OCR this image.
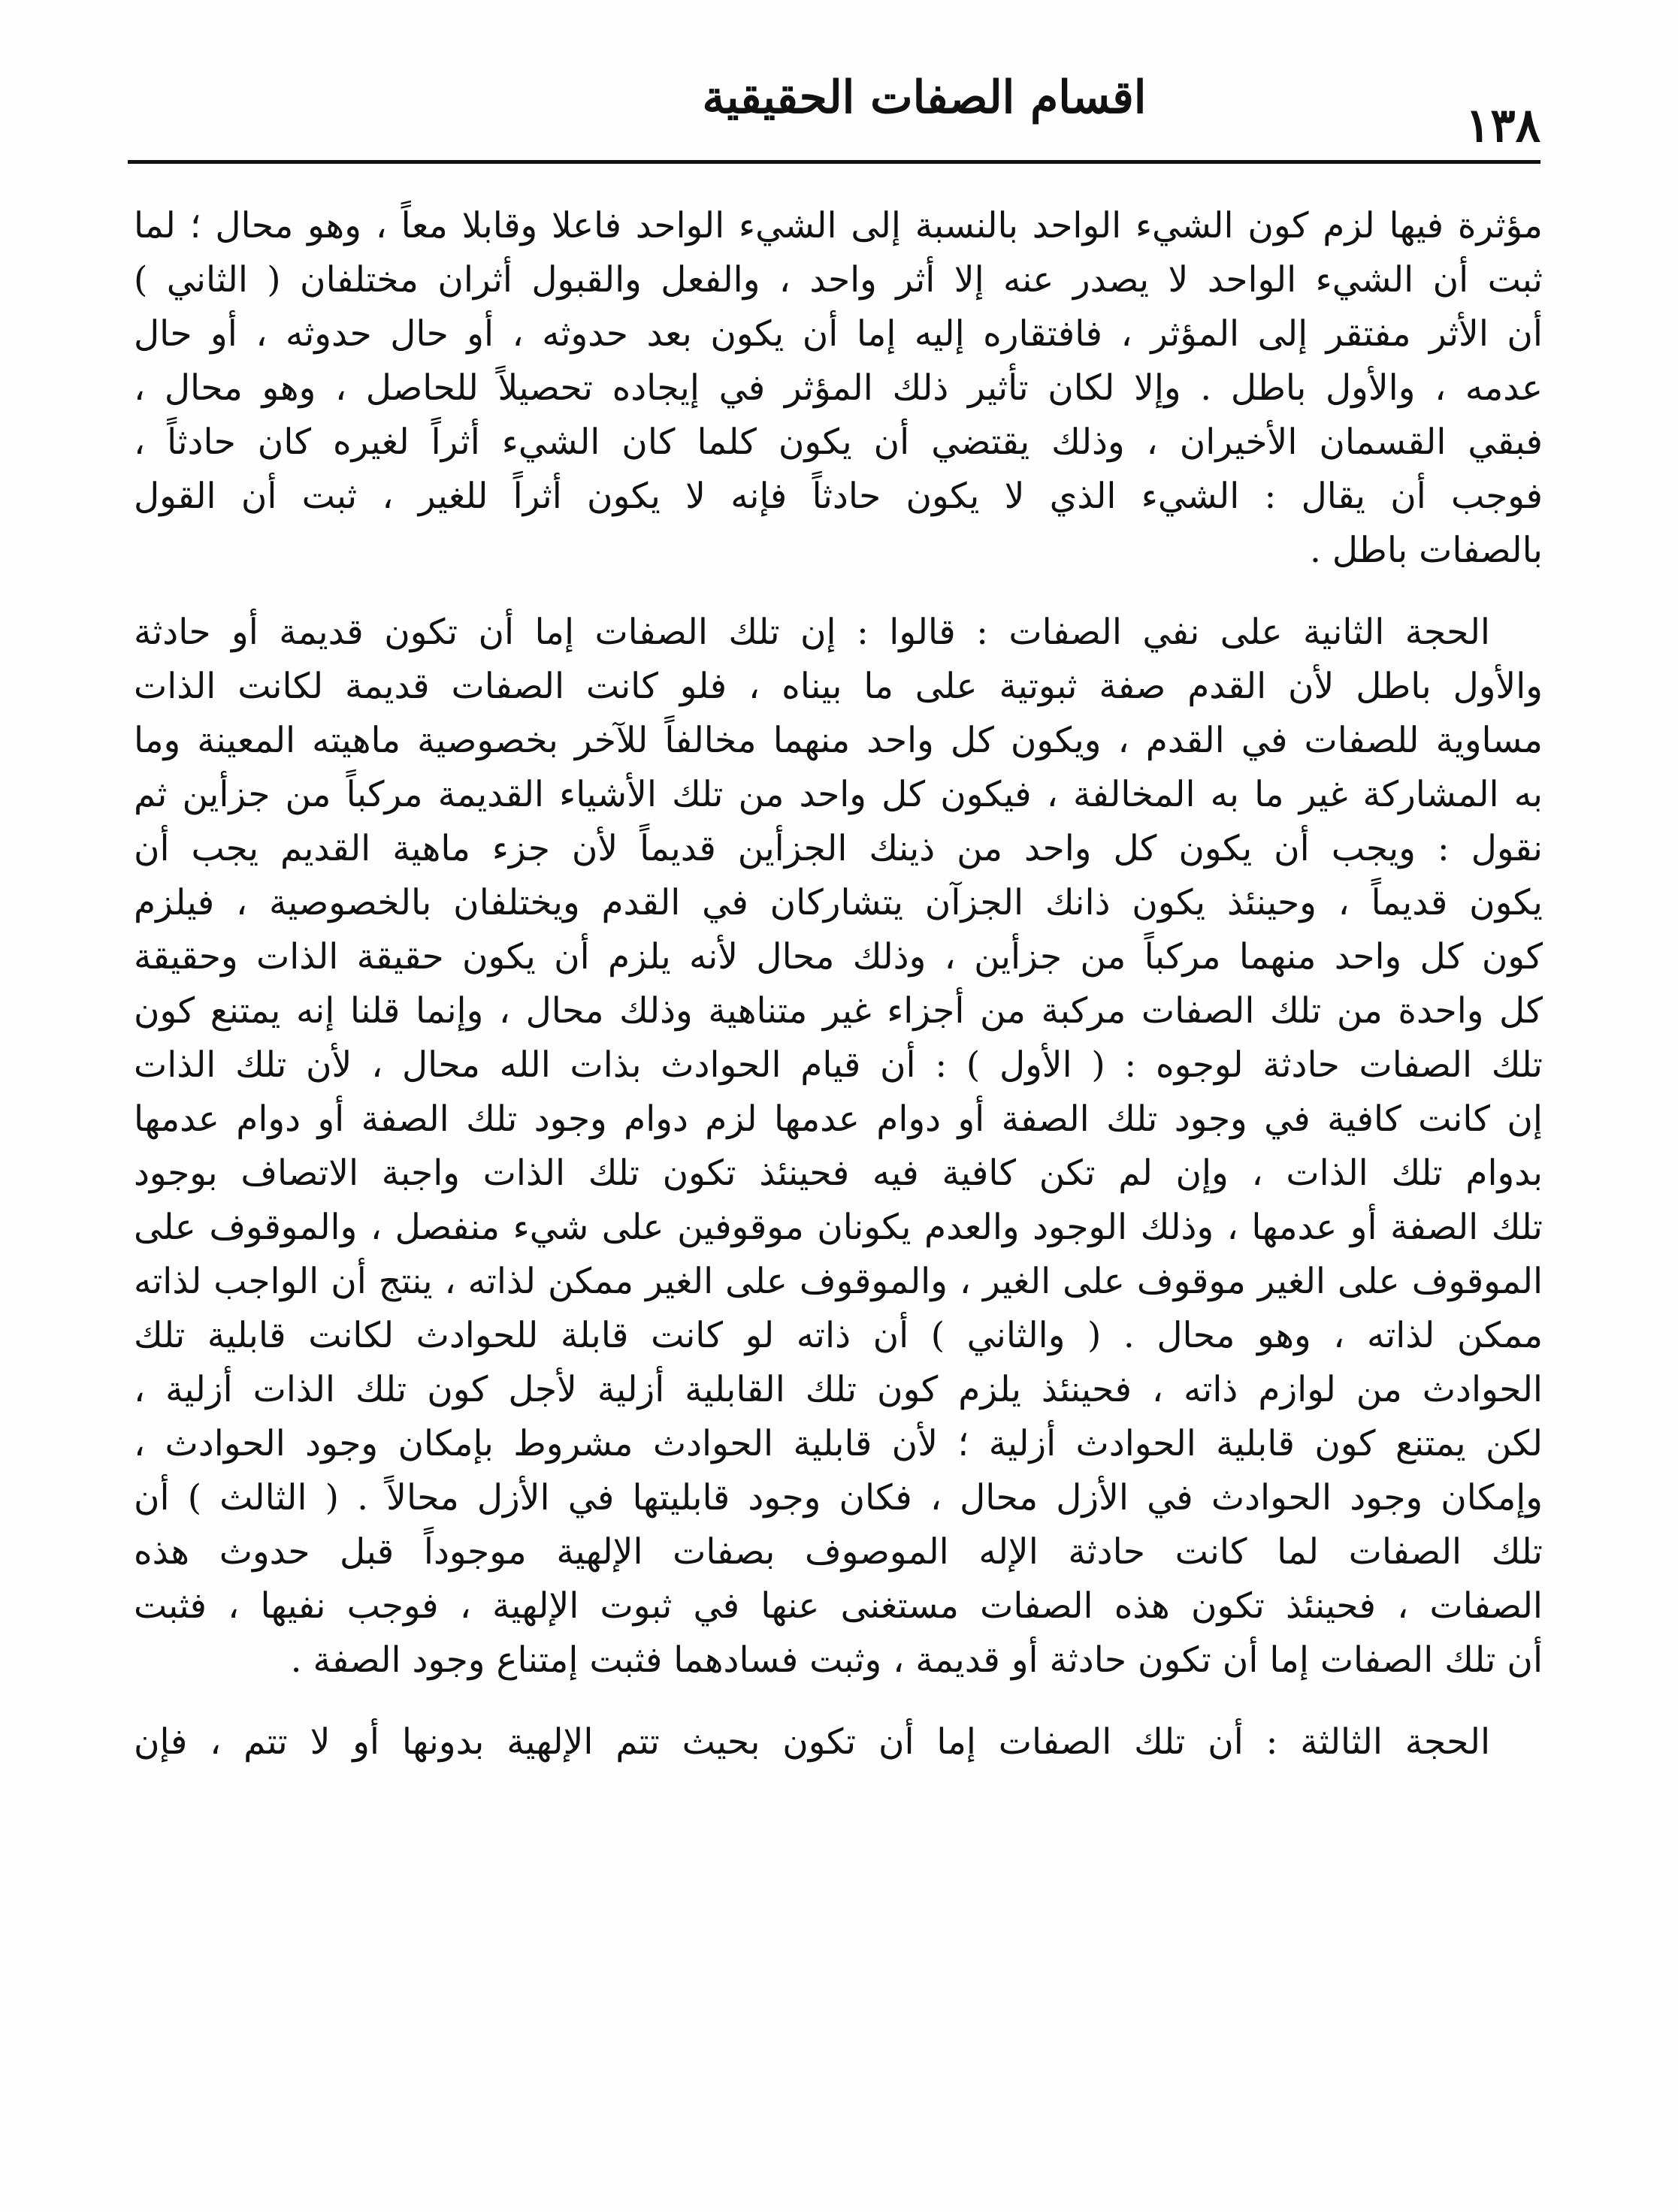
١٣٨
اقسام الصفات الحقيقية
مؤثرة فيها لزم كون الشيء الواحد بالنسبة إلى الشيء الواحد فاعلا وقابلا معاً ، وهو محال ؛ لما
ثبت أن الشيء الواحد لا يصدر عنه إلا أثر واحد ، والفعل والقبول أثران مختلفان ( الثاني )
أن الأثر مفتقر إلى المؤثر ، فافتقاره إليه إما أن يكون بعد حدوثه ، أو حال حدوثه ، أو حال
عدمه ، والأول باطل . وإلا لكان تأثير ذلك المؤثر في إيجاده تحصيلاً للحاصل ، وهو محال ،
فبقي القسمان الأخيران ، وذلك يقتضي أن يكون كلما كان الشيء أثراً لغيره كان حادثاً ،
فوجب أن يقال : الشيء الذي لا يكون حادثاً فإنه لا يكون أثراً للغير ، ثبت أن القول
بالصفات باطل .
الحجة الثانية على نفي الصفات : قالوا : إن تلك الصفات إما أن تكون قديمة أو حادثة
والأول باطل لأن القدم صفة ثبوتية على ما بيناه ، فلو كانت الصفات قديمة لكانت الذات
مساوية للصفات في القدم ، ويكون كل واحد منهما مخالفاً للآخر بخصوصية ماهيته المعينة وما
به المشاركة غير ما به المخالفة ، فيكون كل واحد من تلك الأشياء القديمة مركباً من جزأين ثم
نقول : ويجب أن يكون كل واحد من ذينك الجزأين قديماً لأن جزء ماهية القديم يجب أن
يكون قديماً ، وحينئذ يكون ذانك الجزآن يتشاركان في القدم ويختلفان بالخصوصية ، فيلزم
كون كل واحد منهما مركباً من جزأين ، وذلك محال لأنه يلزم أن يكون حقيقة الذات وحقيقة
كل واحدة من تلك الصفات مركبة من أجزاء غير متناهية وذلك محال ، وإنما قلنا إنه يمتنع كون
تلك الصفات حادثة لوجوه : ( الأول ) : أن قيام الحوادث بذات الله محال ، لأن تلك الذات
إن كانت كافية في وجود تلك الصفة أو دوام عدمها لزم دوام وجود تلك الصفة أو دوام عدمها
بدوام تلك الذات ، وإن لم تكن كافية فيه فحينئذ تكون تلك الذات واجبة الاتصاف بوجود
تلك الصفة أو عدمها ، وذلك الوجود والعدم يكونان موقوفين على شيء منفصل ، والموقوف على
الموقوف على الغير موقوف على الغير ، والموقوف على الغير ممكن لذاته ، ينتج أن الواجب لذاته
ممكن لذاته ، وهو محال . ( والثاني ) أن ذاته لو كانت قابلة للحوادث لكانت قابلية تلك
الحوادث من لوازم ذاته ، فحينئذ يلزم كون تلك القابلية أزلية لأجل كون تلك الذات أزلية ،
لكن يمتنع كون قابلية الحوادث أزلية ؛ لأن قابلية الحوادث مشروط بإمكان وجود الحوادث ،
وإمكان وجود الحوادث في الأزل محال ، فكان وجود قابليتها في الأزل محالاً . ( الثالث ) أن
تلك الصفات لما كانت حادثة الإله الموصوف بصفات الإلهية موجوداً قبل حدوث هذه
الصفات ، فحينئذ تكون هذه الصفات مستغنى عنها في ثبوت الإلهية ، فوجب نفيها ، فثبت
أن تلك الصفات إما أن تكون حادثة أو قديمة ، وثبت فسادهما فثبت إمتناع وجود الصفة .
الحجة الثالثة : أن تلك الصفات إما أن تكون بحيث تتم الإلهية بدونها أو لا تتم ، فإن
